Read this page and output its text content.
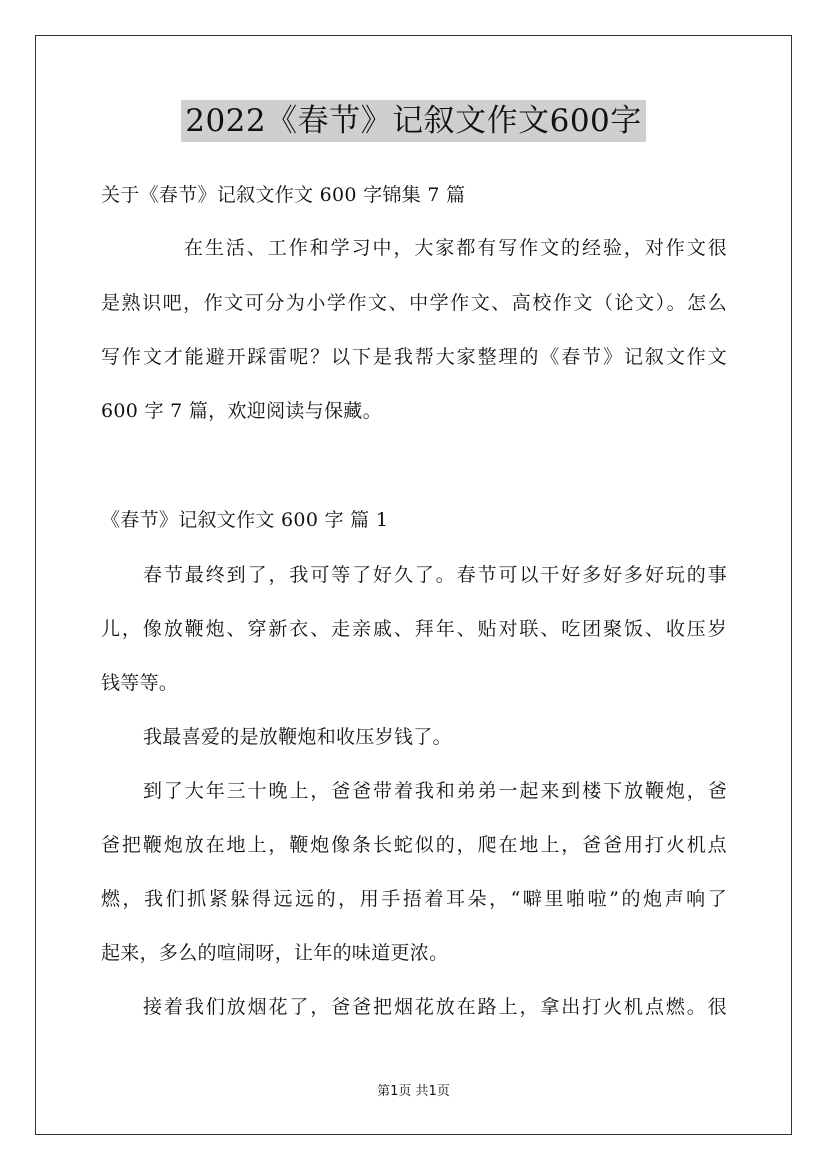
2022《春节》记叙文作文600字
关于《春节》记叙文作文 600 字锦集 7 篇
在生活、工作和学习中，大家都有写作文的经验，对作文很
是熟识吧，作文可分为小学作文、中学作文、高校作文（论文）。怎么
写作文才能避开踩雷呢？以下是我帮大家整理的《春节》记叙文作文
600 字 7 篇，欢迎阅读与保藏。
《春节》记叙文作文 600 字 篇 1
春节最终到了，我可等了好久了。春节可以干好多好多好玩的事
儿，像放鞭炮、穿新衣、走亲戚、拜年、贴对联、吃团聚饭、收压岁
钱等等。
我最喜爱的是放鞭炮和收压岁钱了。
到了大年三十晚上，爸爸带着我和弟弟一起来到楼下放鞭炮，爸
爸把鞭炮放在地上，鞭炮像条长蛇似的，爬在地上，爸爸用打火机点
燃，我们抓紧躲得远远的，用手捂着耳朵，“噼里啪啦”的炮声响了
起来，多么的喧闹呀，让年的味道更浓。
接着我们放烟花了，爸爸把烟花放在路上，拿出打火机点燃。很
第1页 共1页
